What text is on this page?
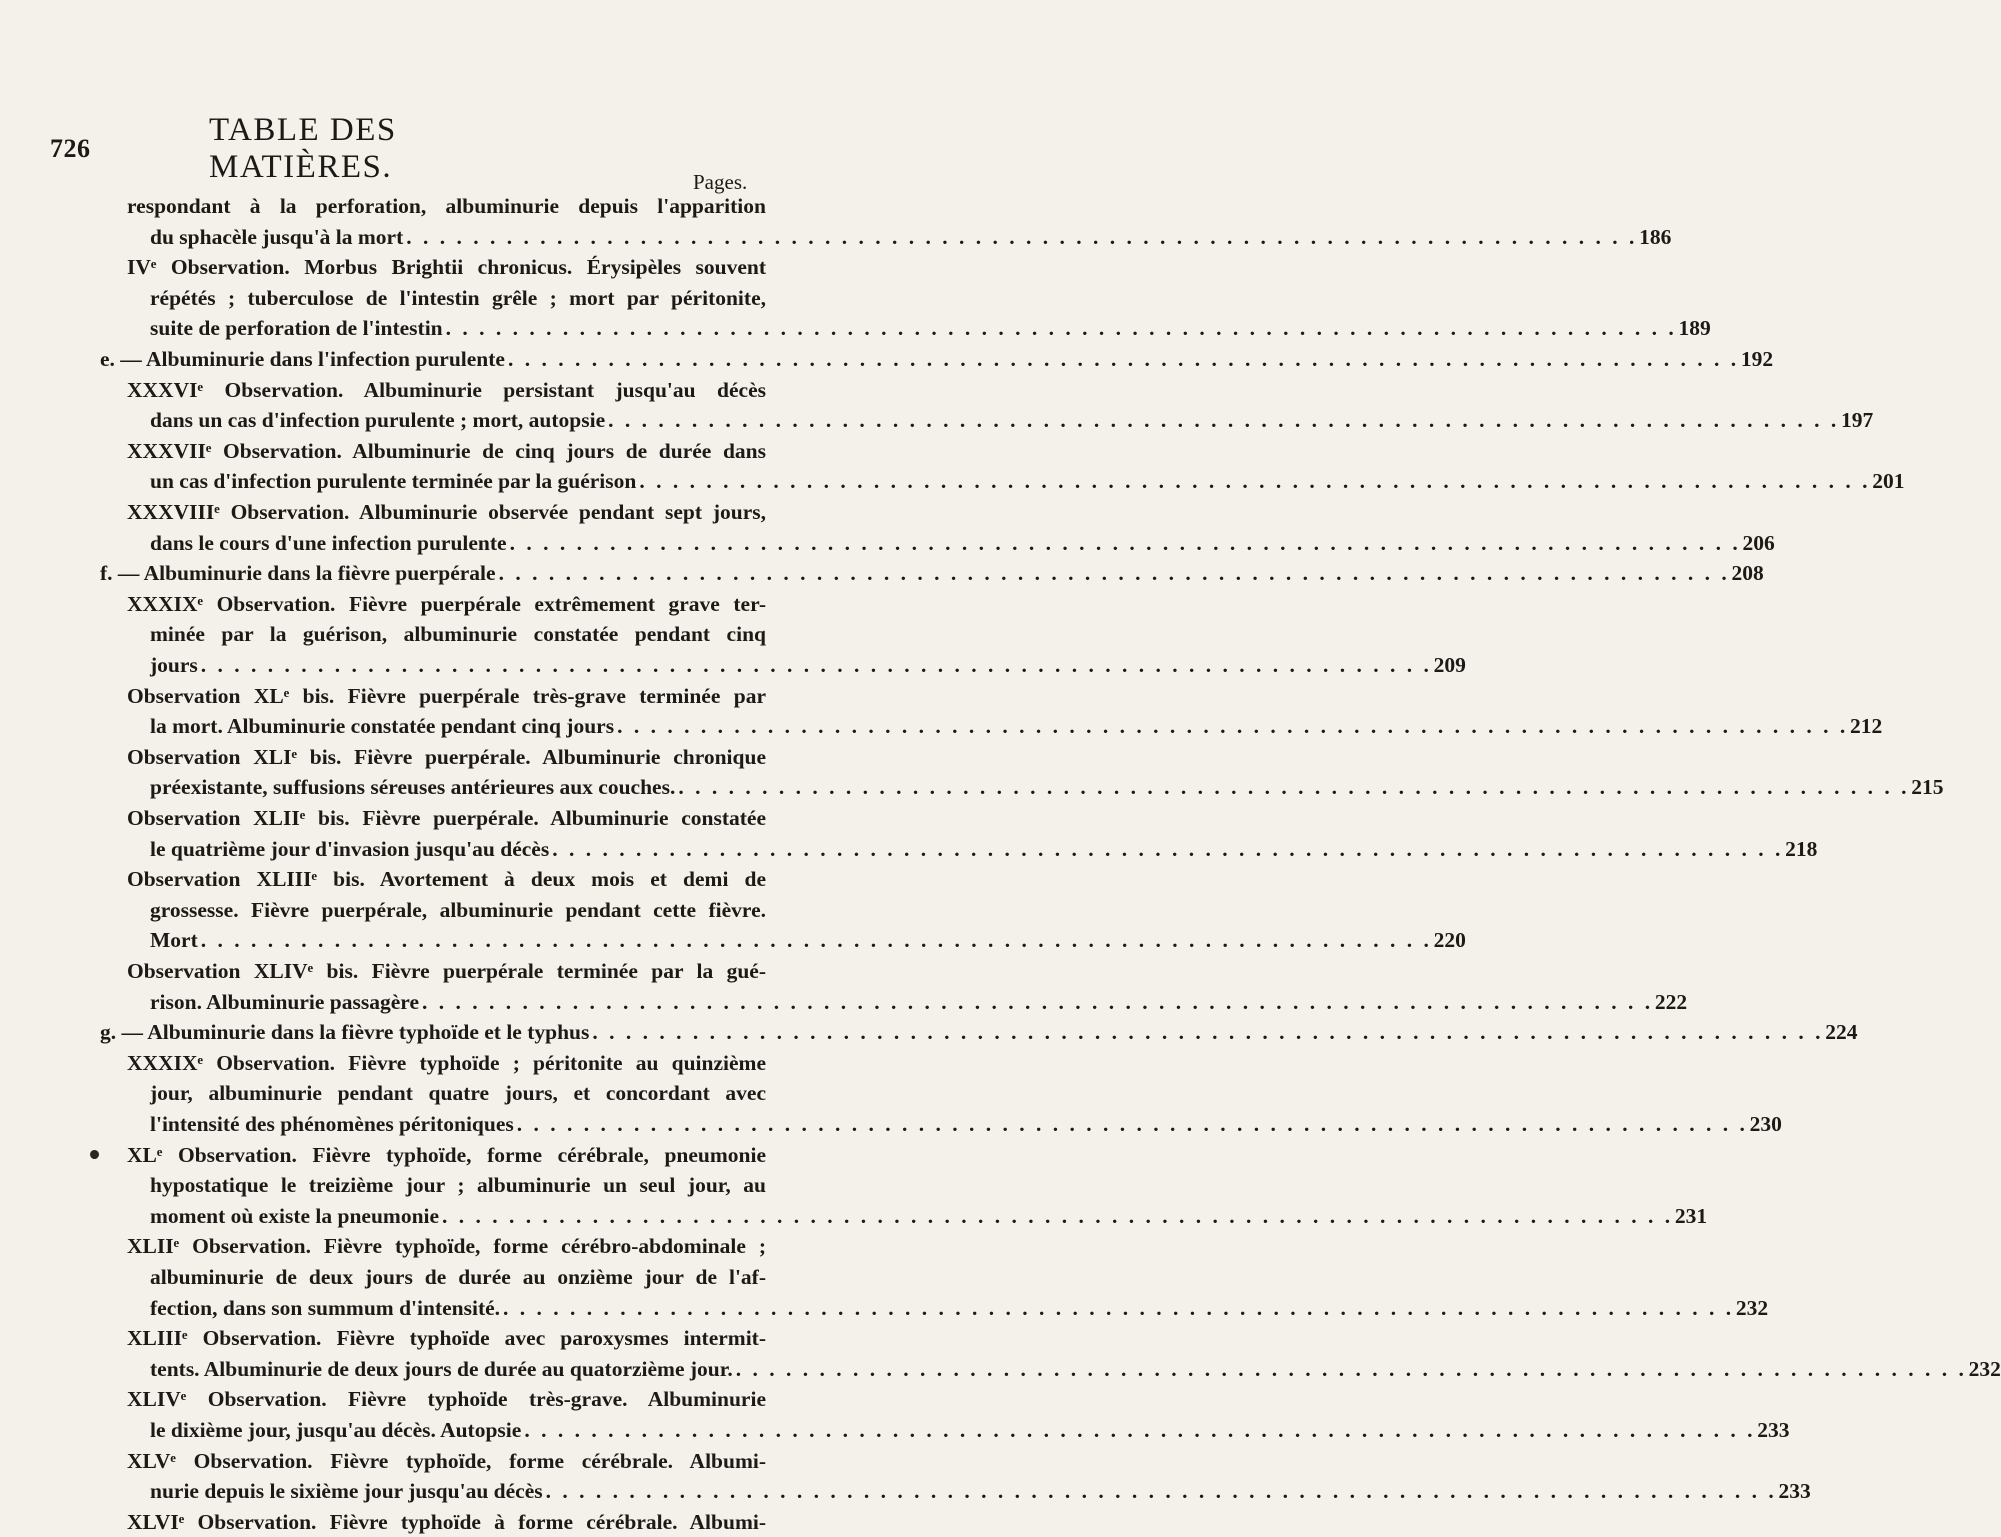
726
TABLE DES MATIÈRES.	Pages.
respondant à la perforation, albuminurie depuis l'apparition
du sphacèle jusqu'à la mort . . .	186
IVᵉ Observation. Morbus Brightii chronicus. Érysipèles souvent
répétés ; tuberculose de l'intestin grêle ; mort par péritonite,
suite de perforation de l'intestin . . .	189
e. — Albuminurie dans l'infection purulente . . .	192
XXXVIᵉ Observation. Albuminurie persistant jusqu'au décès
dans un cas d'infection purulente ; mort, autopsie . . .	197
XXXVIIᵉ Observation. Albuminurie de cinq jours de durée dans
un cas d'infection purulente terminée par la guérison . . .	201
XXXVIIIᵉ Observation. Albuminurie observée pendant sept jours,
dans le cours d'une infection purulente . . .	206
f. — Albuminurie dans la fièvre puerpérale . . .	208
XXXIXᵉ Observation. Fièvre puerpérale extrêmement grave ter-
minée par la guérison, albuminurie constatée pendant cinq
jours . . .	209
Observation XLᵉ bis. Fièvre puerpérale très-grave terminée par
la mort. Albuminurie constatée pendant cinq jours . . .	212
Observation XLIᵉ bis. Fièvre puerpérale. Albuminurie chronique
préexistante, suffusions séreuses antérieures aux couches. . . .	215
Observation XLIIᵉ bis. Fièvre puerpérale. Albuminurie constatée
le quatrième jour d'invasion jusqu'au décès . . .	218
Observation XLIIIᵉ bis. Avortement à deux mois et demi de
grossesse. Fièvre puerpérale, albuminurie pendant cette fièvre.
Mort . . .	220
Observation XLIVᵉ bis. Fièvre puerpérale terminée par la gué-
rison. Albuminurie passagère . . .	222
g. — Albuminurie dans la fièvre typhoïde et le typhus . . .	224
XXXIXᵉ Observation. Fièvre typhoïde ; péritonite au quinzième
jour, albuminurie pendant quatre jours, et concordant avec
l'intensité des phénomènes péritoniques . . .	230
XLᵉ Observation. Fièvre typhoïde, forme cérébrale, pneumonie
hypostatique le treizième jour ; albuminurie un seul jour, au
moment où existe la pneumonie . . .	231
XLIIᵉ Observation. Fièvre typhoïde, forme cérébro-abdominale ;
albuminurie de deux jours de durée au onzième jour de l'af-
fection, dans son summum d'intensité. . . .	232
XLIIIᵉ Observation. Fièvre typhoïde avec paroxysmes intermit-
tents. Albuminurie de deux jours de durée au quatorzième jour. . . .	232
XLIVᵉ Observation. Fièvre typhoïde très-grave. Albuminurie
le dixième jour, jusqu'au décès. Autopsie . . .	233
XLVᵉ Observation. Fièvre typhoïde, forme cérébrale. Albumi-
nurie depuis le sixième jour jusqu'au décès . . .	233
XLVIᵉ Observation. Fièvre typhoïde à forme cérébrale. Albumi-
